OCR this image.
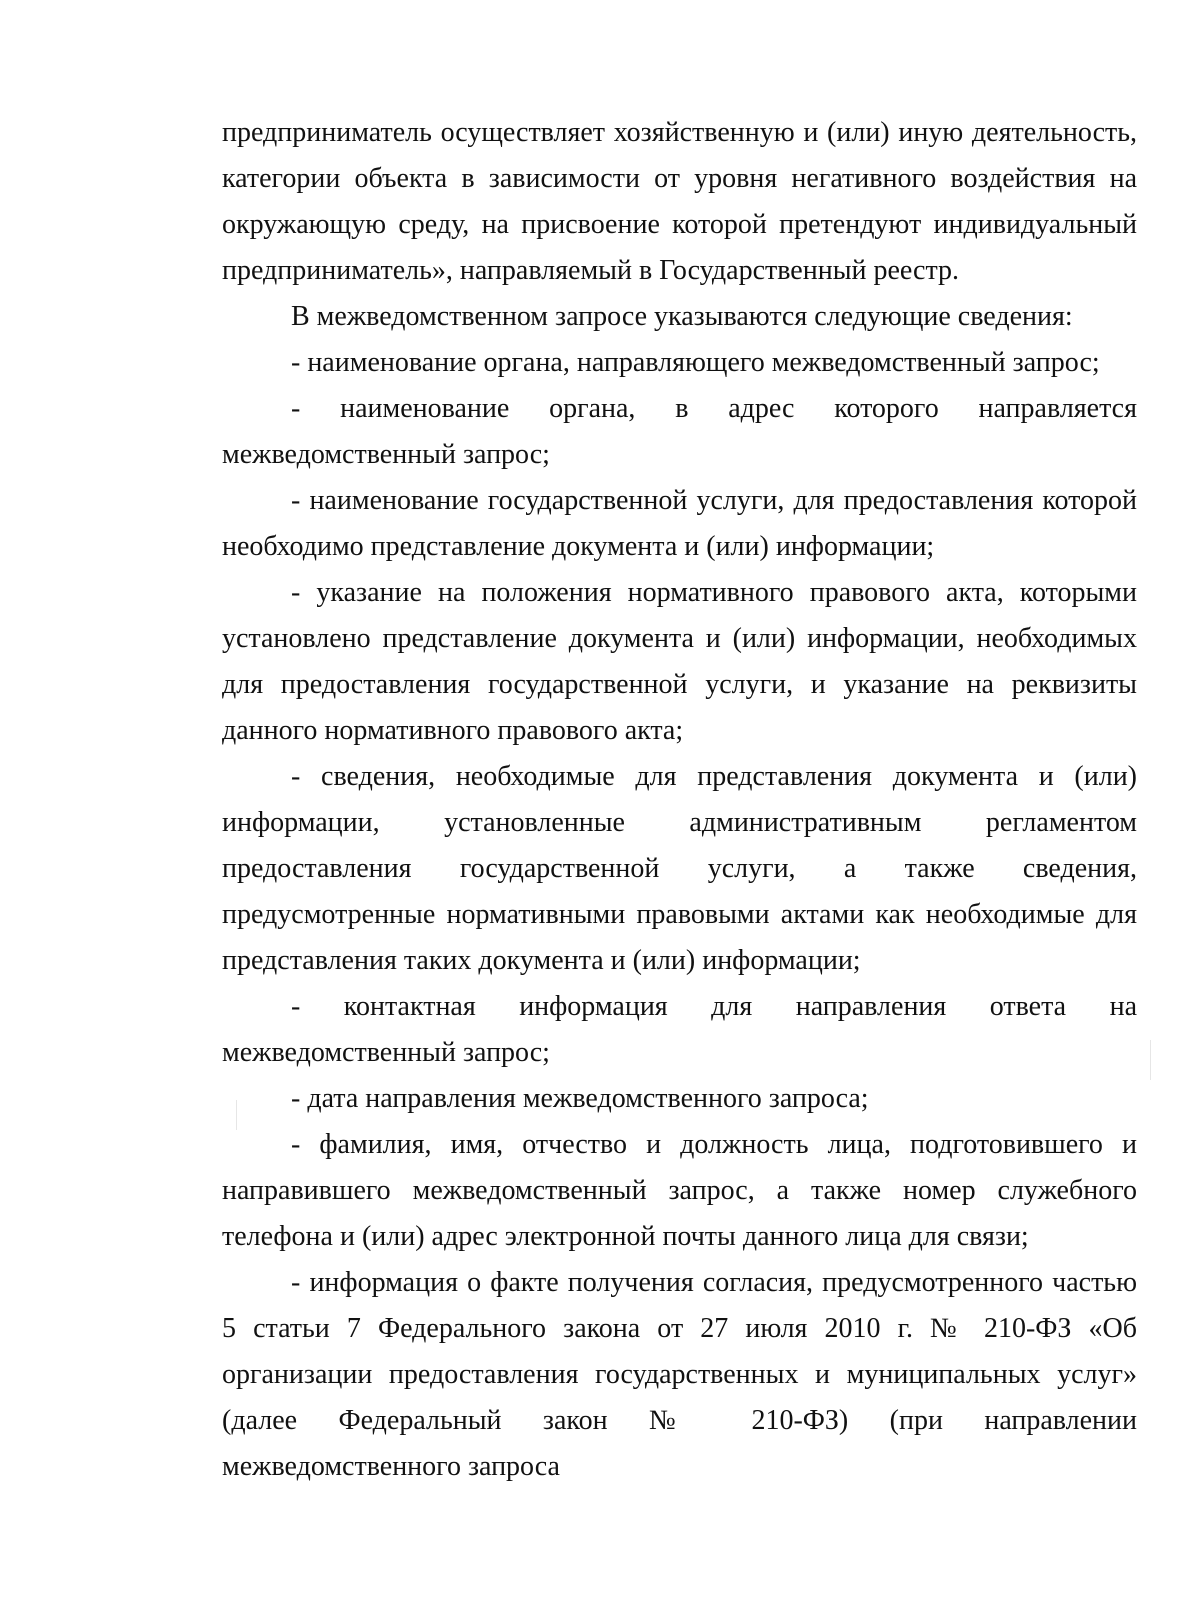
предприниматель осуществляет хозяйственную и (или) иную деятельность, категории объекта в зависимости от уровня негативного воздействия на окружающую среду, на присвоение которой претендуют индивидуальный предприниматель», направляемый в Государственный реестр.

В межведомственном запросе указываются следующие сведения:

- наименование органа, направляющего межведомственный запрос;

- наименование органа, в адрес которого направляется межведомственный запрос;

- наименование государственной услуги, для предоставления которой необходимо представление документа и (или) информации;

- указание на положения нормативного правового акта, которыми установлено представление документа и (или) информации, необходимых для предоставления государственной услуги, и указание на реквизиты данного нормативного правового акта;

- сведения, необходимые для представления документа и (или) информации, установленные административным регламентом предоставления государственной услуги, а также сведения, предусмотренные нормативными правовыми актами как необходимые для представления таких документа и (или) информации;

- контактная информация для направления ответа на межведомственный запрос;

- дата направления межведомственного запроса;

- фамилия, имя, отчество и должность лица, подготовившего и направившего межведомственный запрос, а также номер служебного телефона и (или) адрес электронной почты данного лица для связи;

- информация о факте получения согласия, предусмотренного частью 5 статьи 7 Федерального закона от 27 июля 2010 г. № 210-ФЗ «Об организации предоставления государственных и муниципальных услуг» (далее Федеральный закон № 210-ФЗ) (при направлении межведомственного запроса
